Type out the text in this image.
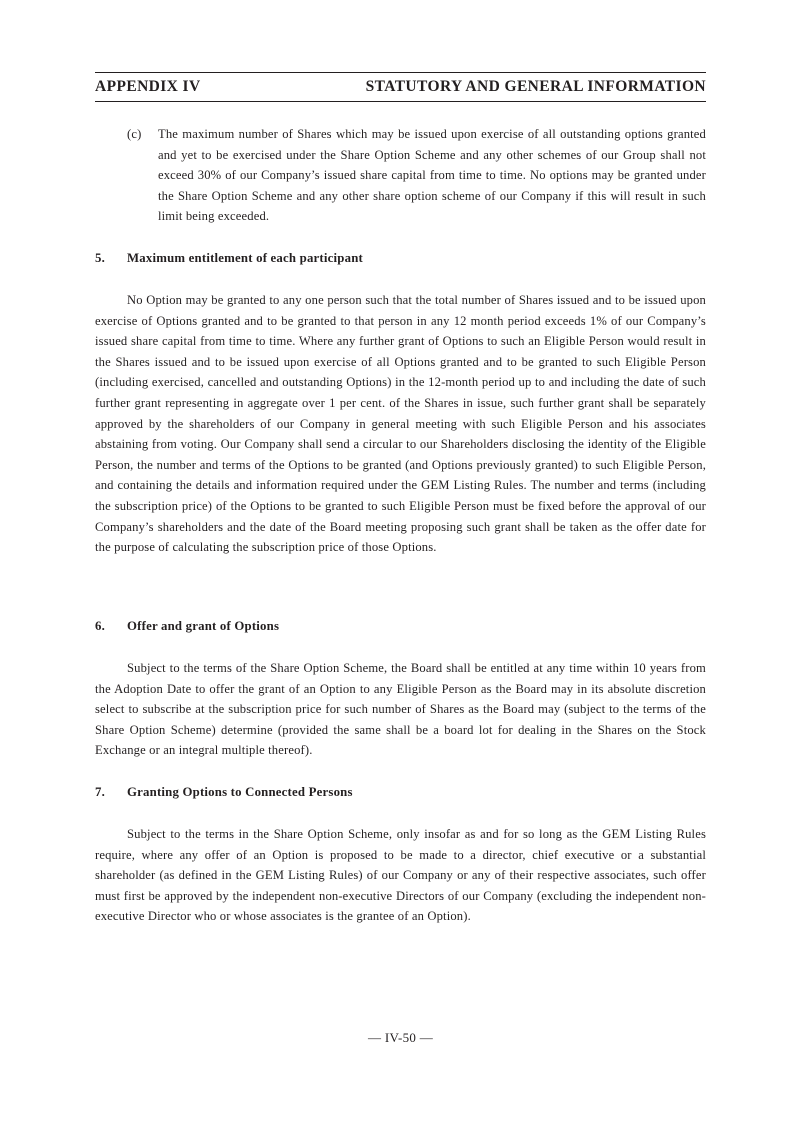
APPENDIX IV	STATUTORY AND GENERAL INFORMATION
(c)	The maximum number of Shares which may be issued upon exercise of all outstanding options granted and yet to be exercised under the Share Option Scheme and any other schemes of our Group shall not exceed 30% of our Company’s issued share capital from time to time. No options may be granted under the Share Option Scheme and any other share option scheme of our Company if this will result in such limit being exceeded.
5. Maximum entitlement of each participant
No Option may be granted to any one person such that the total number of Shares issued and to be issued upon exercise of Options granted and to be granted to that person in any 12 month period exceeds 1% of our Company’s issued share capital from time to time. Where any further grant of Options to such an Eligible Person would result in the Shares issued and to be issued upon exercise of all Options granted and to be granted to such Eligible Person (including exercised, cancelled and outstanding Options) in the 12-month period up to and including the date of such further grant representing in aggregate over 1 per cent. of the Shares in issue, such further grant shall be separately approved by the shareholders of our Company in general meeting with such Eligible Person and his associates abstaining from voting. Our Company shall send a circular to our Shareholders disclosing the identity of the Eligible Person, the number and terms of the Options to be granted (and Options previously granted) to such Eligible Person, and containing the details and information required under the GEM Listing Rules. The number and terms (including the subscription price) of the Options to be granted to such Eligible Person must be fixed before the approval of our Company’s shareholders and the date of the Board meeting proposing such grant shall be taken as the offer date for the purpose of calculating the subscription price of those Options.
6. Offer and grant of Options
Subject to the terms of the Share Option Scheme, the Board shall be entitled at any time within 10 years from the Adoption Date to offer the grant of an Option to any Eligible Person as the Board may in its absolute discretion select to subscribe at the subscription price for such number of Shares as the Board may (subject to the terms of the Share Option Scheme) determine (provided the same shall be a board lot for dealing in the Shares on the Stock Exchange or an integral multiple thereof).
7. Granting Options to Connected Persons
Subject to the terms in the Share Option Scheme, only insofar as and for so long as the GEM Listing Rules require, where any offer of an Option is proposed to be made to a director, chief executive or a substantial shareholder (as defined in the GEM Listing Rules) of our Company or any of their respective associates, such offer must first be approved by the independent non-executive Directors of our Company (excluding the independent non-executive Director who or whose associates is the grantee of an Option).
— IV-50 —
